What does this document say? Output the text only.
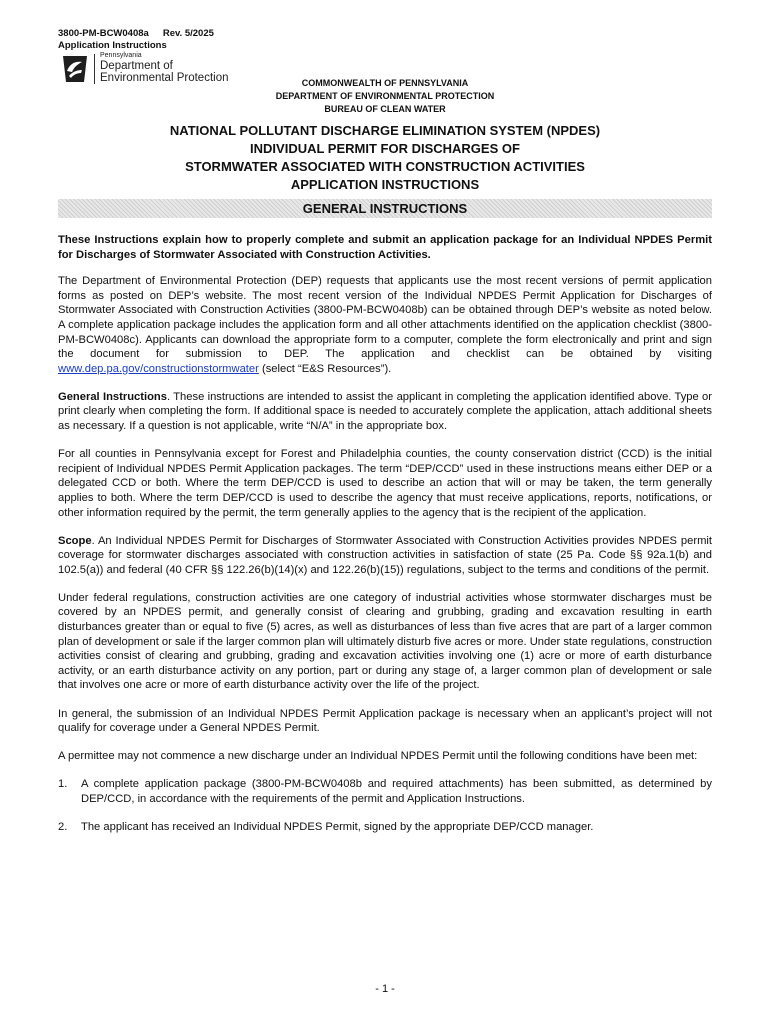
3800-PM-BCW0408a Rev. 5/2025
Application Instructions
Pennsylvania
Department of
Environmental Protection	COMMONWEALTH OF PENNSYLVANIA
DEPARTMENT OF ENVIRONMENTAL PROTECTION
BUREAU OF CLEAN WATER
NATIONAL POLLUTANT DISCHARGE ELIMINATION SYSTEM (NPDES)
INDIVIDUAL PERMIT FOR DISCHARGES OF
STORMWATER ASSOCIATED WITH CONSTRUCTION ACTIVITIES
APPLICATION INSTRUCTIONS
GENERAL INSTRUCTIONS

These Instructions explain how to properly complete and submit an application package for an Individual NPDES Permit for Discharges of Stormwater Associated with Construction Activities.

The Department of Environmental Protection (DEP) requests that applicants use the most recent versions of permit application forms as posted on DEP’s website. The most recent version of the Individual NPDES Permit Application for Discharges of Stormwater Associated with Construction Activities (3800-PM-BCW0408b) can be obtained through DEP’s website as noted below. A complete application package includes the application form and all other attachments identified on the application checklist (3800-PM-BCW0408c). Applicants can download the appropriate form to a computer, complete the form electronically and print and sign the document for submission to DEP. The application and checklist can be obtained by visiting www.dep.pa.gov/constructionstormwater (select “E&S Resources”).

General Instructions. These instructions are intended to assist the applicant in completing the application identified above. Type or print clearly when completing the form. If additional space is needed to accurately complete the application, attach additional sheets as necessary. If a question is not applicable, write “N/A” in the appropriate box.

For all counties in Pennsylvania except for Forest and Philadelphia counties, the county conservation district (CCD) is the initial recipient of Individual NPDES Permit Application packages. The term “DEP/CCD” used in these instructions means either DEP or a delegated CCD or both. Where the term DEP/CCD is used to describe an action that will or may be taken, the term generally applies to both. Where the term DEP/CCD is used to describe the agency that must receive applications, reports, notifications, or other information required by the permit, the term generally applies to the agency that is the recipient of the application.

Scope. An Individual NPDES Permit for Discharges of Stormwater Associated with Construction Activities provides NPDES permit coverage for stormwater discharges associated with construction activities in satisfaction of state (25 Pa. Code §§ 92a.1(b) and 102.5(a)) and federal (40 CFR §§ 122.26(b)(14)(x) and 122.26(b)(15)) regulations, subject to the terms and conditions of the permit.

Under federal regulations, construction activities are one category of industrial activities whose stormwater discharges must be covered by an NPDES permit, and generally consist of clearing and grubbing, grading and excavation resulting in earth disturbances greater than or equal to five (5) acres, as well as disturbances of less than five acres that are part of a larger common plan of development or sale if the larger common plan will ultimately disturb five acres or more. Under state regulations, construction activities consist of clearing and grubbing, grading and excavation activities involving one (1) acre or more of earth disturbance activity, or an earth disturbance activity on any portion, part or during any stage of, a larger common plan of development or sale that involves one acre or more of earth disturbance activity over the life of the project.

In general, the submission of an Individual NPDES Permit Application package is necessary when an applicant’s project will not qualify for coverage under a General NPDES Permit.

A permittee may not commence a new discharge under an Individual NPDES Permit until the following conditions have been met:

1.	A complete application package (3800-PM-BCW0408b and required attachments) has been submitted, as determined by DEP/CCD, in accordance with the requirements of the permit and Application Instructions.
2.	The applicant has received an Individual NPDES Permit, signed by the appropriate DEP/CCD manager.
- 1 -
